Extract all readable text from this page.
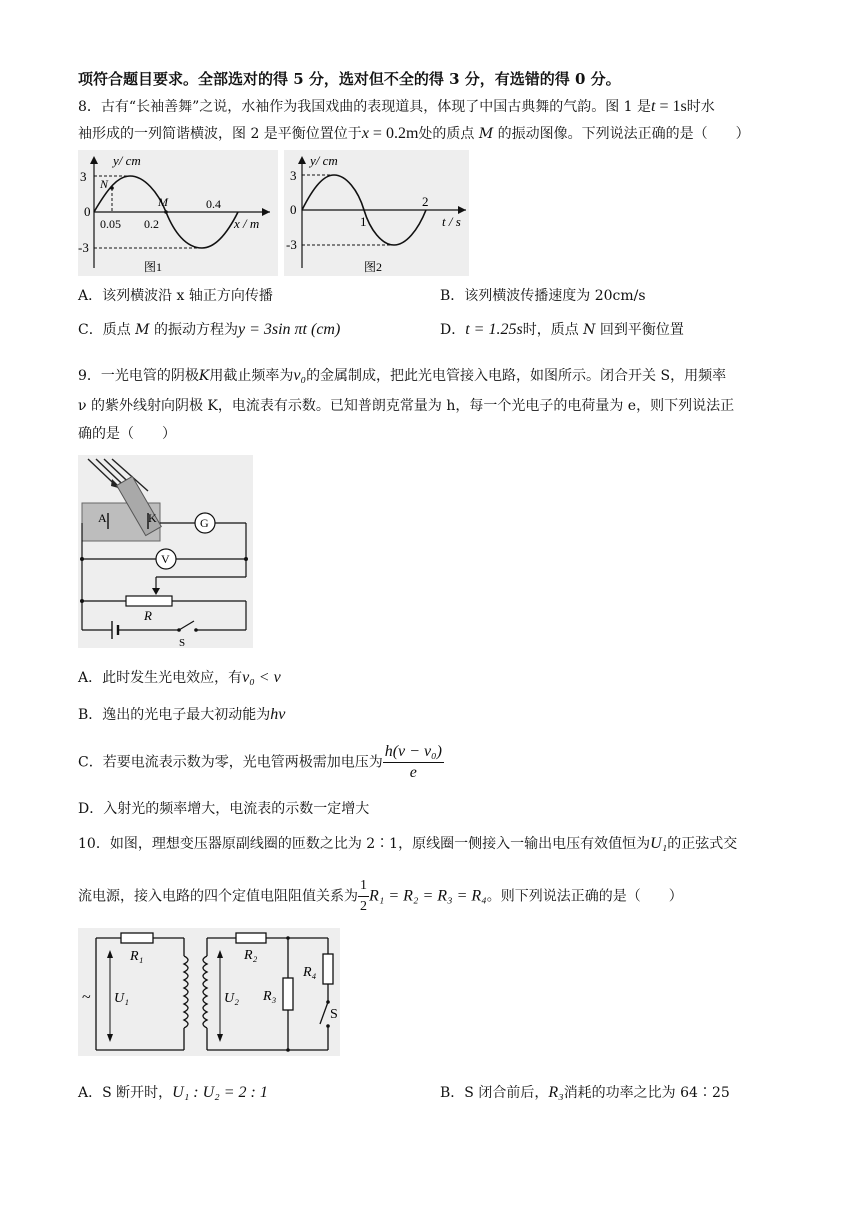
项符合题目要求。全部选对的得 5 分，选对但不全的得 3 分，有选错的得 0 分。
8．古有“长袖善舞”之说，水袖作为我国戏曲的表现道具，体现了中国古典舞的气韵。图 1 是t = 1s时水
袖形成的一列简谐横波，图 2 是平衡位置位于x = 0.2m处的质点 M 的振动图像。下列说法正确的是（　　）
y/ cm
3 N
0
M	0.4
0.05 0.2	x / m
-3
图1
y/ cm
3
0
2
1	t / s
-3
图2
A．该列横波沿 x 轴正方向传播	B．该列横波传播速度为 20cm/s
C．质点 M 的振动方程为y = 3sin πt (cm)	D．t = 1.25s时，质点 N 回到平衡位置
9．一光电管的阴极K用截止频率为ν₀的金属制成，把此光电管接入电路，如图所示。闭合开关 S，用频率
ν 的紫外线射向阴极 K，电流表有示数。已知普朗克常量为 h，每一个光电子的电荷量为 e，则下列说法正
确的是（　　）
A	K	G
V
R
S
A．此时发生光电效应，有ν₀ < ν
B．逸出的光电子最大初动能为hν
C．若要电流表示数为零，光电管两极需加电压为 $\frac{\text{h(ν − ν₀)}}{e}$
D．入射光的频率增大，电流表的示数一定增大
10．如图，理想变压器原副线圈的匝数之比为 2∶1，原线圈一侧接入一输出电压有效值恒为U₁的正弦式交
流电源，接入电路的四个定值电阻阻值关系为 $\frac{1}{2} R_1 = R_2 = R_3 = R_4$。则下列说法正确的是（　　）
~ U₁
R₁
U₂
R₂
R₃
R₄
S
A．S 断开时，U₁ : U₂ = 2 : 1	B．S 闭合前后，R₃消耗的功率之比为 64∶25
